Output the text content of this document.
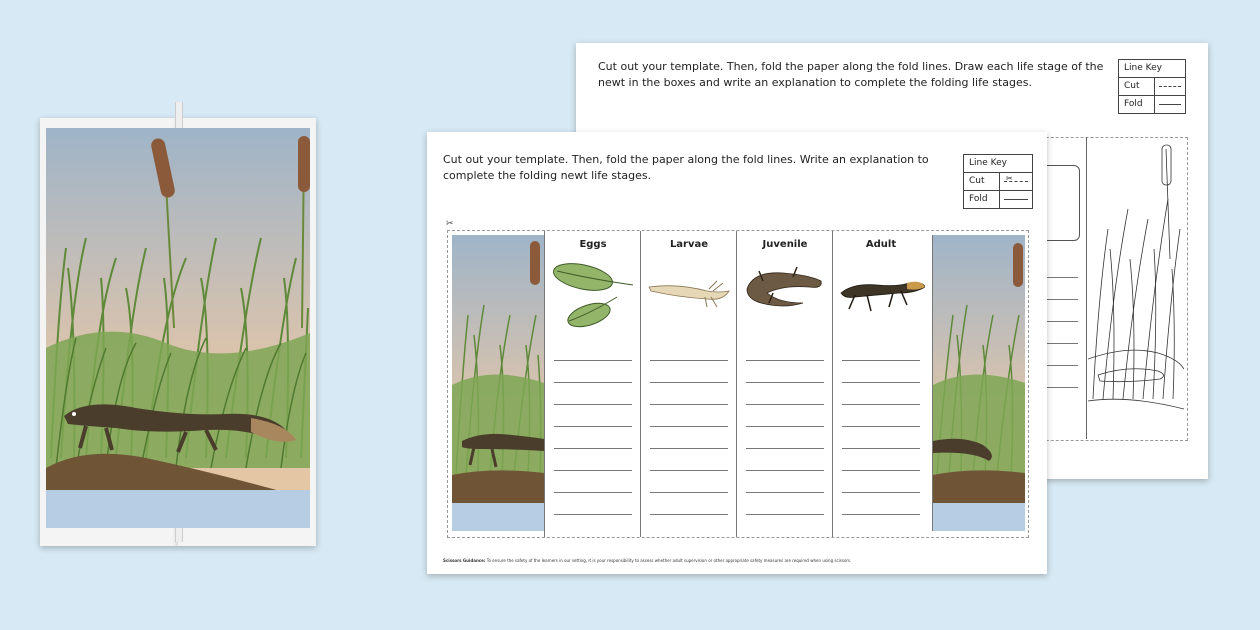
Cut out your template. Then, fold the paper along the fold lines. Draw each life stage of the newt in the boxes and write an explanation to complete the folding life stages.
Line Key
Cut
Fold
Cut out your template. Then, fold the paper along the fold lines. Write an explanation to complete the folding newt life stages.
Line Key
Cut	✂
Fold
✂
Eggs	Larvae	Juvenile	Adult
Scissors Guidance: To ensure the safety of the learners in our setting, it is your responsibility to assess whether adult supervision or other appropriate safety measures are required when using scissors.
